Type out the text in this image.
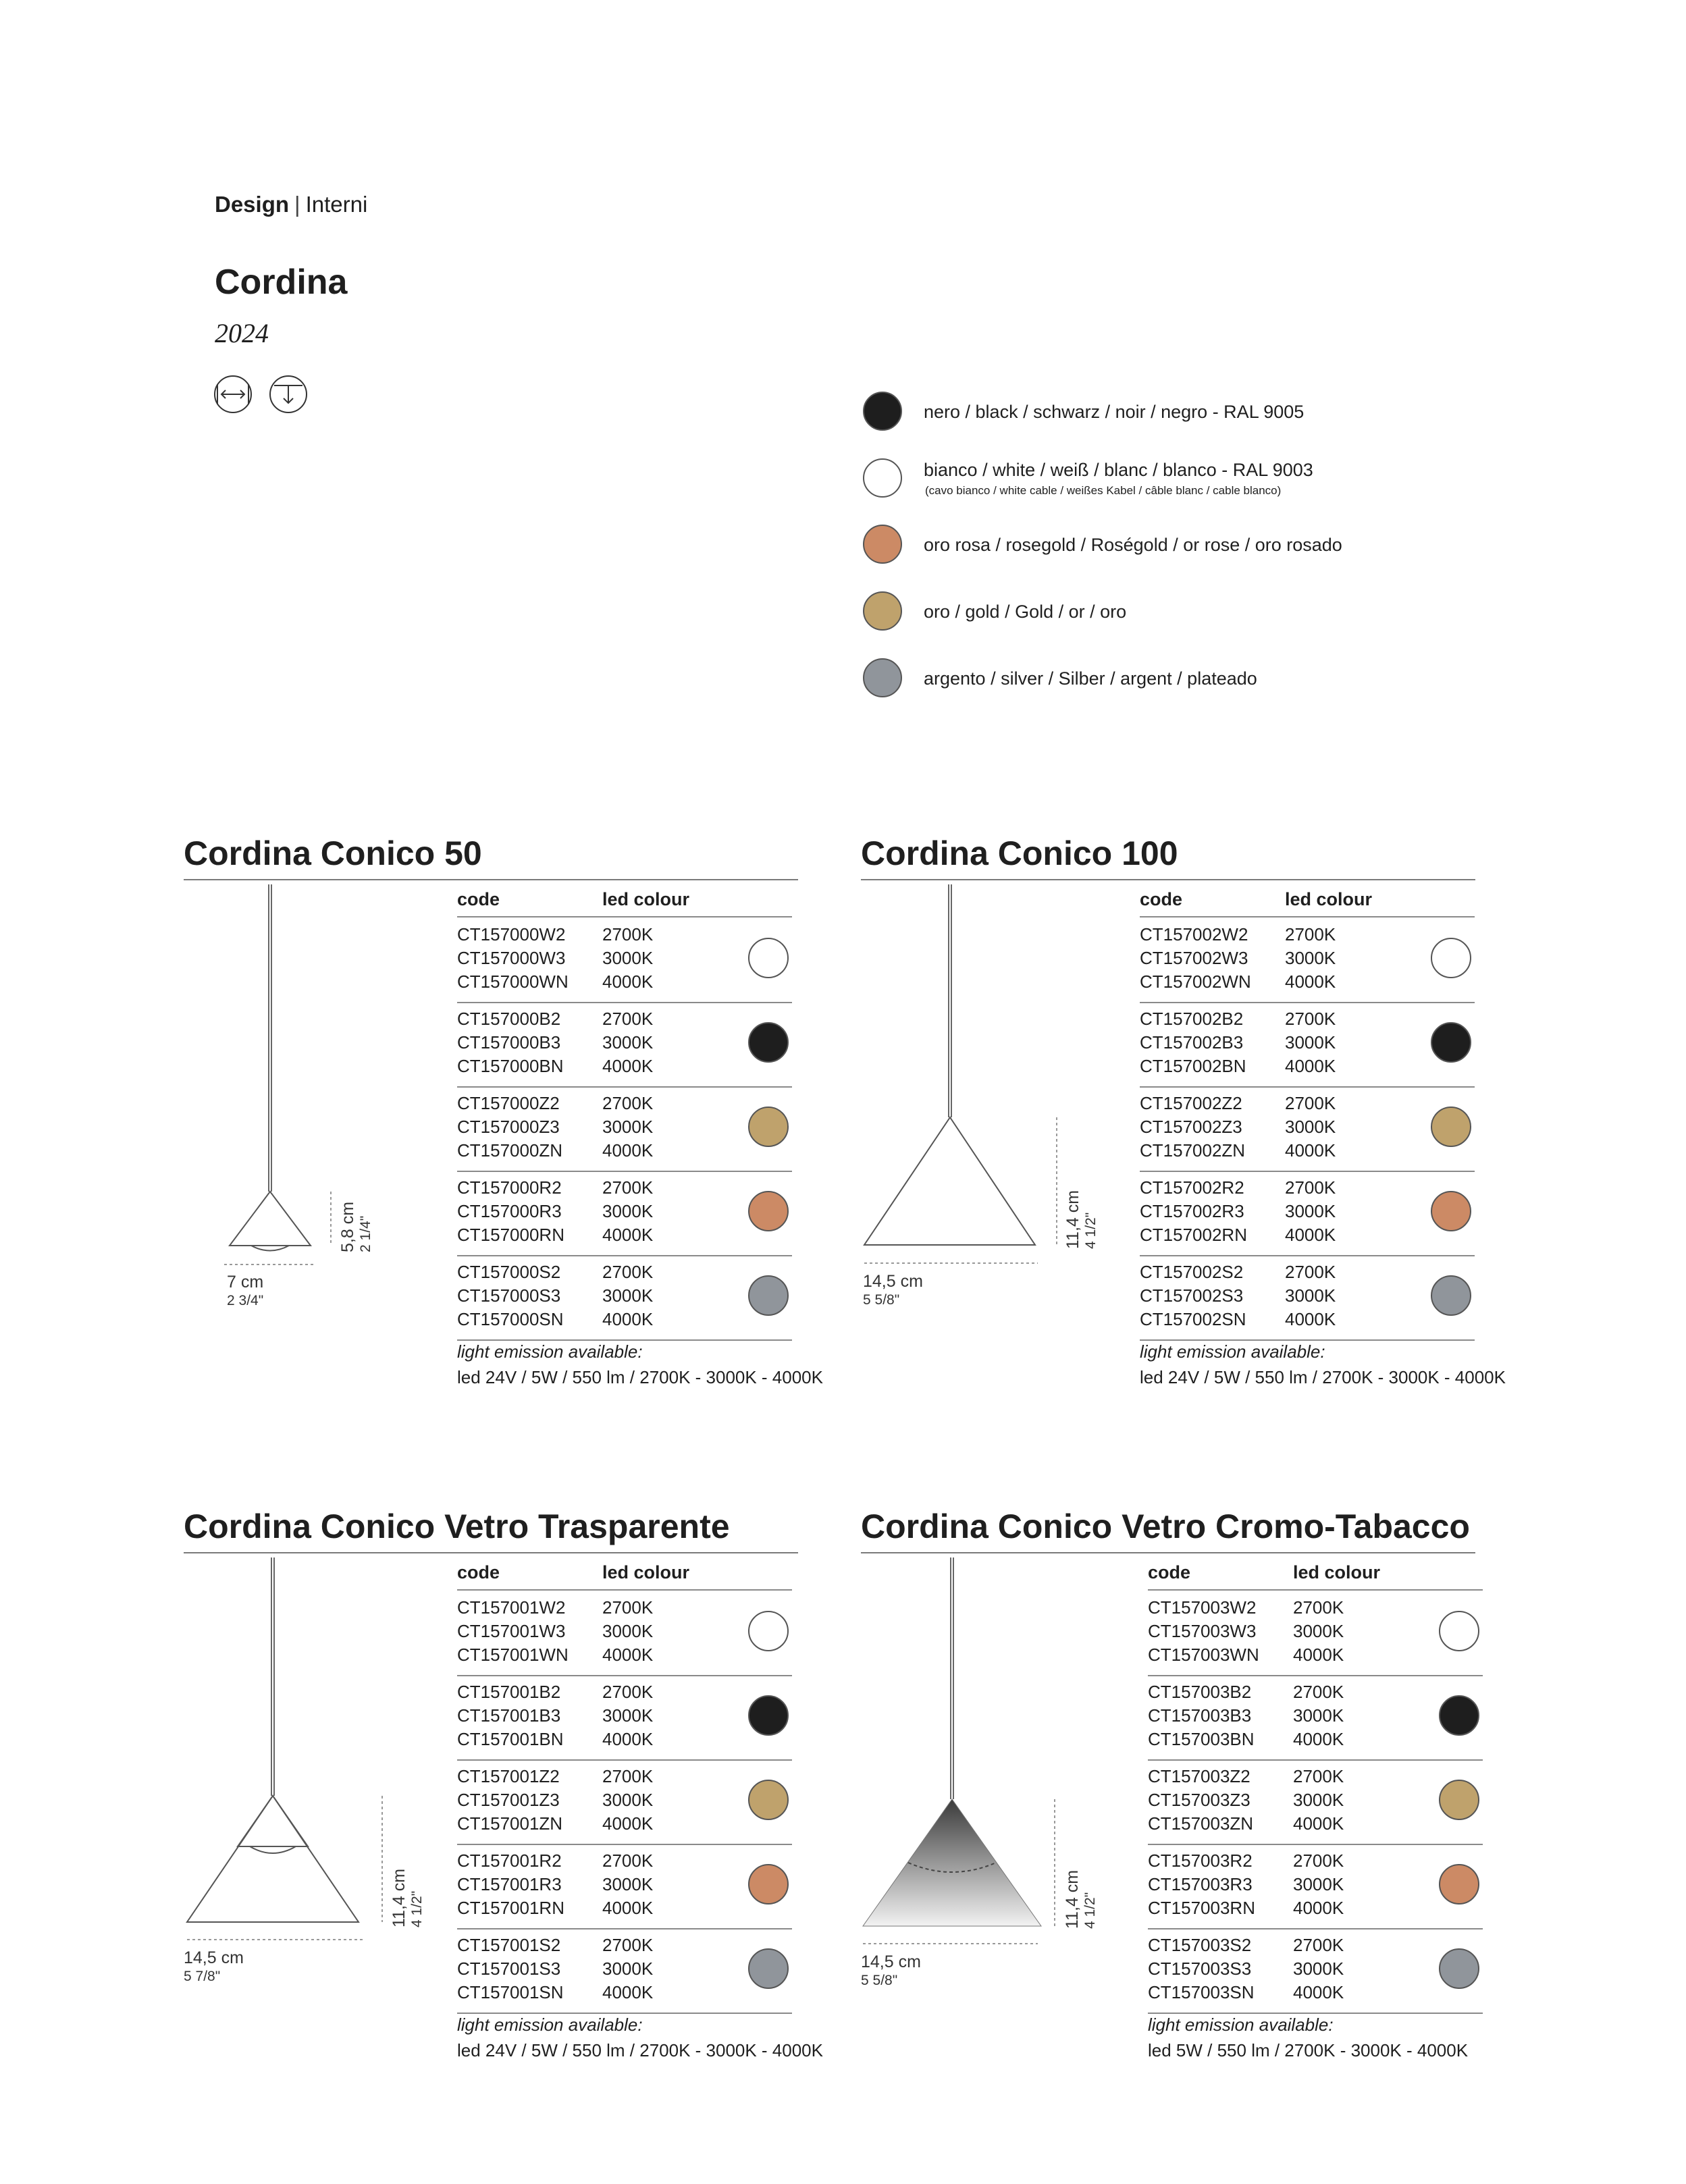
Design | Interni
Cordina
2024
nero / black / schwarz / noir / negro - RAL 9005
bianco / white / weiß / blanc / blanco - RAL 9003
(cavo bianco / white cable / weißes Kabel / câble blanc / cable blanco)
oro rosa / rosegold / Roségold / or rose / oro rosado
oro / gold / Gold / or / oro
argento / silver / Silber / argent / plateado
Cordina Conico 50
7 cm
2 3/4"
5,8 cm 2 1/4"
code	led colour
CT157000W2 2700K
CT157000W3 3000K
CT157000WN 4000K
CT157000B2 2700K
CT157000B3 3000K
CT157000BN 4000K
CT157000Z2 2700K
CT157000Z3 3000K
CT157000ZN 4000K
CT157000R2 2700K
CT157000R3 3000K
CT157000RN 4000K
CT157000S2 2700K
CT157000S3 3000K
CT157000SN 4000K
light emission available:
led 24V / 5W / 550 lm / 2700K - 3000K - 4000K
Cordina Conico 100
14,5 cm
5 5/8"
11,4 cm 4 1/2"
code	led colour
CT157002W2 2700K
CT157002W3 3000K
CT157002WN 4000K
CT157002B2 2700K
CT157002B3 3000K
CT157002BN 4000K
CT157002Z2 2700K
CT157002Z3 3000K
CT157002ZN 4000K
CT157002R2 2700K
CT157002R3 3000K
CT157002RN 4000K
CT157002S2 2700K
CT157002S3 3000K
CT157002SN 4000K
light emission available:
led 24V / 5W / 550 lm / 2700K - 3000K - 4000K
Cordina Conico Vetro Trasparente
14,5 cm
5 7/8"
11,4 cm 4 1/2"
code	led colour
CT157001W2 2700K
CT157001W3 3000K
CT157001WN 4000K
CT157001B2 2700K
CT157001B3 3000K
CT157001BN 4000K
CT157001Z2 2700K
CT157001Z3 3000K
CT157001ZN 4000K
CT157001R2 2700K
CT157001R3 3000K
CT157001RN 4000K
CT157001S2 2700K
CT157001S3 3000K
CT157001SN 4000K
light emission available:
led 24V / 5W / 550 lm / 2700K - 3000K - 4000K
Cordina Conico Vetro Cromo-Tabacco
14,5 cm
5 5/8"
11,4 cm 4 1/2"
code	led colour
CT157003W2 2700K
CT157003W3 3000K
CT157003WN 4000K
CT157003B2 2700K
CT157003B3 3000K
CT157003BN 4000K
CT157003Z2 2700K
CT157003Z3 3000K
CT157003ZN 4000K
CT157003R2 2700K
CT157003R3 3000K
CT157003RN 4000K
CT157003S2 2700K
CT157003S3 3000K
CT157003SN 4000K
light emission available:
led 5W / 550 lm / 2700K - 3000K - 4000K
